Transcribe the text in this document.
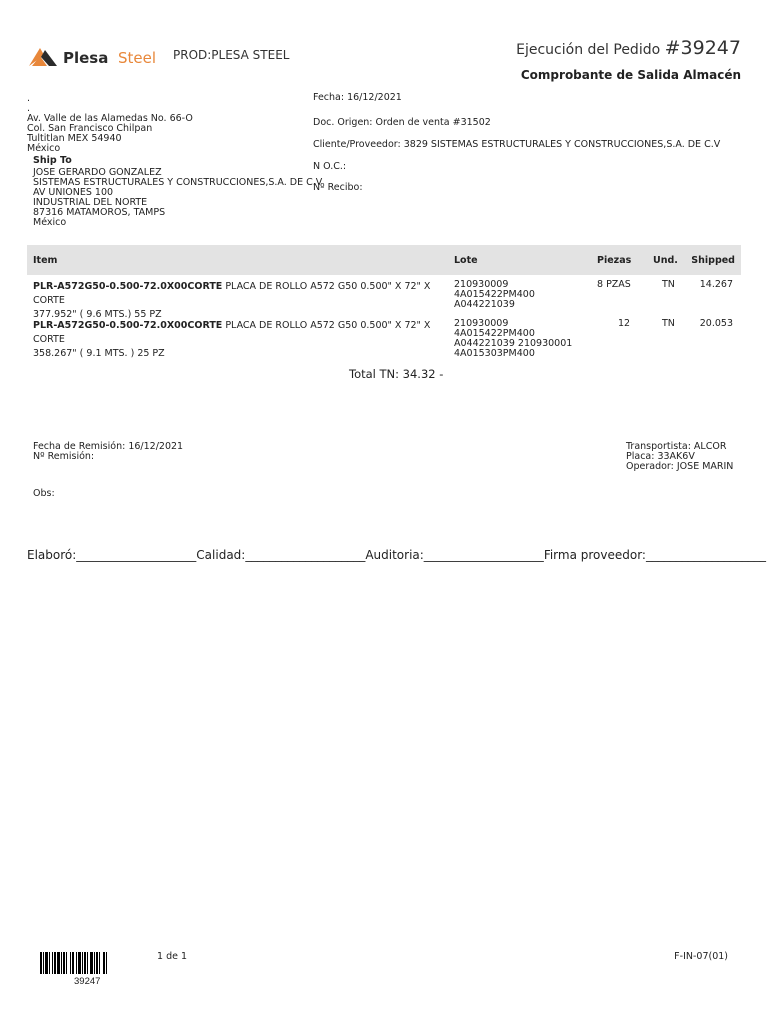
Plesa Steel PROD:PLESA STEEL	Ejecución del Pedido #39247
Comprobante de Salida Almacén
.
.
Av. Valle de las Alamedas No. 66-O
Col. San Francisco Chilpan
Tultitlan MEX 54940
México
Ship To
JOSE GERARDO GONZALEZ
SISTEMAS ESTRUCTURALES Y CONSTRUCCIONES,S.A. DE C.V
AV UNIONES 100
INDUSTRIAL DEL NORTE
87316 MATAMOROS, TAMPS
México
Fecha: 16/12/2021
Doc. Origen: Orden de venta #31502
Cliente/Proveedor: 3829 SISTEMAS ESTRUCTURALES Y CONSTRUCCIONES,S.A. DE C.V
N O.C.:
Nº Recibo:
Item	Lote	Piezas Und. Shipped
PLR-A572G50-0.500-72.0X00CORTE PLACA DE ROLLO A572 G50 0.500" X 72" X CORTE
377.952" ( 9.6 MTS.) 55 PZ
210930009
4A015422PM400
A044221039
8 PZAS	TN	14.267
PLR-A572G50-0.500-72.0X00CORTE PLACA DE ROLLO A572 G50 0.500" X 72" X CORTE
358.267" ( 9.1 MTS. ) 25 PZ
210930009
4A015422PM400
A044221039 210930001
4A015303PM400
12	TN	20.053
Total TN: 34.32 -
Fecha de Remisión: 16/12/2021
Nº Remisión:
Transportista: ALCOR
Placa: 33AK6V
Operador: JOSE MARIN
Obs:
Elaboró:____________________ Calidad:____________________ Auditoria:____________________ Firma proveedor:____________________
39247
1 de 1	F-IN-07(01)
